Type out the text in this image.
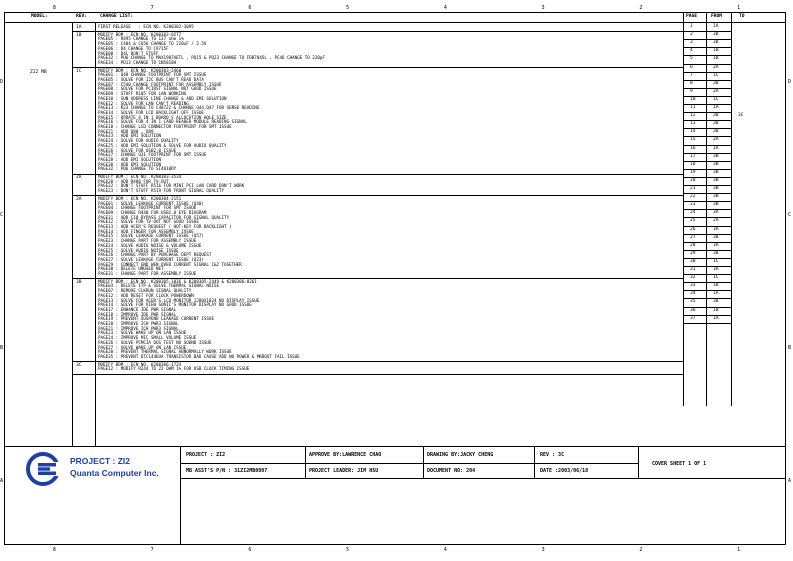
8
8
7
7
6
6
5
5
4
4
3
3
2
2
1
1
D	D
C	C
B	B
A	A
MODEL:	REV:	CHANGE LIST:	PAGE	FROM	TO
ZI2 MB
1A	FIRST RELEASE   : ECN NO. K200302-3095
1B	MODIFY BOM : ECN NO. K200303-0277
PAGE05 : R495 CHANGE TO 127 ohm 1%
PAGE05 : C404 & C656 CHANGE TO 220uF / 2.5V
PAGE06 : D4 CHANGE TO C9715F
PAGE08 : D4L DON'T STUFF
PAGE32 : PU6 CHANGE TO MAX1907AETL , PQ15 & PQ23 CHANGE TO FDB7045L , PC46 CHANGE TO 220pF
PAGE34 : PD13 CHANGE TO 1N5818H
1C	MODIFY BOM : ECN NO. K200303-2460
PAGE01 : Q40 CHANGE FOOTPRINT FOR SMT ISSUE
PAGE05 : SOLVE FOR I2C BUS CAN'T READ DATA
PAGE07 : C540 CHANGE FOOTPRINT FOR ASSEMBLY ISSUE
PAGE08 : SOLVE FOR PCIRST SIGNAL NOT GOOD ISSUE
PAGE09 : STUFF R105 FOR LAN WORKING
PAGE10 : SUN ADDRESS LINE CHANGE & ADD EMI SOLUTION
PAGE12 : SOLVE FOR LAN CAN'T READING
PAGE13 : R23 CHANGE TO C48722 & CHANGE Q44,Q47 FOR SENSE READING
PAGE14 : SOLVE FOR LCD BACKLIGHT OFF ISSUE
PAGE15 : UPDATE 4 IN 1 BOARD'S ALLOCATION HOLE SIZE
PAGE16 : SOLVE FOR 4 IN 1 CARD READER MODULE READING SIGNAL
PAGE18 : CHANGE LCD CONNECTOR FOOTPRINT FOR SMT ISSUE
PAGE21 : ADD Q88 , Q89
PAGE23 : ADD EMI SOLUTION
PAGE24 : SOLVE FOR AUDIO QUALITY
PAGE25 : ADD EMI SOLUTION & SOLVE FOR AUDIO QUALITY
PAGE26 : SOLVE FOR USB2.0 ISSUE
PAGE27 : CHANGE Q31 FOOTPRINT FOR SMT ISSUE
PAGE28 : ADD EMI SOLUTION
PAGE30 : ADD EMI SOLUTION
PAGE32 : PQ6 CHANGE TO SI4810DY
2A	MODIFY BOM : ECN NO. K200303-3534
PAGE20 : ADD R480 FOR TV-OUT
PAGE22 : DON'T STUFF R516 FOR MINI PCI LAN CARD DON'T WORK
PAGE23 : DON'T STUFF R519 FOR FRONT SIGNAL QUALITY
2A	MODIFY BOM : ECN NO. K200304-2151
PAGE01 : SOLVE LEAKAGE CURRENT ISSUE (Q40)
PAGE04 : CHANGE FOOTPRINT FOR SMT ISSUE
PAGE09 : CHANGE R440 FOR USB2.0 EYE DIAGRAM
PAGE11 : ADD C10 BYPASS CAPACITOR FOR SIGNAL QUALITY
PAGE12 : SOLVE FOR TV-OUT NOT GOOD ISSUE
PAGE13 : ADD ACER'S REQUEST ( HOT-KEY FOR BACKLIGHT )
PAGE14 : ADD FINGER FOR ASSEMBLY ISSUE
PAGE15 : SOLVE LEAKAGE CURRENT ISSUE (Q57)
PAGE23 : CHANGE PART FOR ASSEMBLY ISSUE
PAGE24 : SOLVE AUDIO NOISE & VOLUME ISSUE
PAGE25 : SOLVE AUDIO NOISE ISSUE
PAGE26 : CHANGE PART BY PURCHASE DEPT REQUEST
PAGE27 : SOLVE LEAKAGE CURRENT ISSUE (Q23)
PAGE29 : CONNECT GND WEN OVER CURRENT SIGNAL 1&2 TOGETHER
PAGE30 : DELETE UNUSED NET
PAGE31 : CHANGE PART FOR ASSEMBLY ISSUE
3B	MODIFY BOM : ECN NO. K200305-1836 & K200305-2449 & K200306-0261
PAGE03 : DELETE ITP & SOLVE THERMAL SIGNAL NOISE
PAGE07 : REMOVE CLKRUN SIGNAL QUALITY
PAGE12 : ADD RESET FOR CLOCK POWERDOWN
PAGE13 : SOLVE FOR ACER'S LCD MONITOR 1280X1024 NO DISPLAY ISSUE
PAGE14 : SOLVE FOR VIEW SONIC'S MONITOR DISPLAY NO GOOD ISSUE
PAGE17 : ENHANCE IDE PWR SIGNAL
PAGE18 : IMPROVE IDE PWR SIGNAL
PAGE19 : PREVENT SUSPEND LEAKAGE CURRENT ISSUE
PAGE20 : IMPROVE ICH PWR3 SIGNAL
PAGE21 : IMPROVE ICH PWR3 SIGNAL
PAGE23 : SOLVE WAKE UP ON LAN ISSUE
PAGE24 : IMPROVE MIC SMALL VOLUME ISSUE
PAGE26 : SOLVE PCMCIA DOS TEST NO SOUND ISSUE
PAGE27 : SOLVE WAKE UP ON LAN ISSUE
PAGE28 : PREVENT THERMAL SIGNAL ABNORMALLY WORK ISSUE
PAGE35 : PREVENT DTC144EUA TRANSISTOR BAD CAUSE ADD NO POWER & MKBOOT FAIL ISSUE
3C	MODIFY BOM : ECN NO. K200306-1724
PAGE12 : MODIFY R244 TO 22 OHM 1% FOR USB CLOCK TIMING ISSUE
1	1A
2	3B
3	3B
4	1B
5	1B
6	2A
7	1C
8	3B
9	2A
10	1C
11	1A
12	3B	3C
13	3B
14	3B
15	2A
16	1A
17	3B
18	3B
19	3B
20	3B
21	3B
22	3B
23	3B
24	3A
25	2A
26	3A
27	3B
28	3A
29	3B
30	1C
31	3A
32	1C
33	1B
34	1A
35	3B
36	1B
37	1A
PROJECT : ZI2
Quanta Computer Inc.
PROJECT : ZI2	APPROVE BY:LAWRENCE CHAO	DRAWING BY:JACKY CHENG	REV : 3C
MB ASST'S P/N : 31ZI2MB0007	PROJECT LEADER: JIM HSU	DOCUMENT NO: 204	DATE :2003/06/18
COVER SHEET 1 OF 1
